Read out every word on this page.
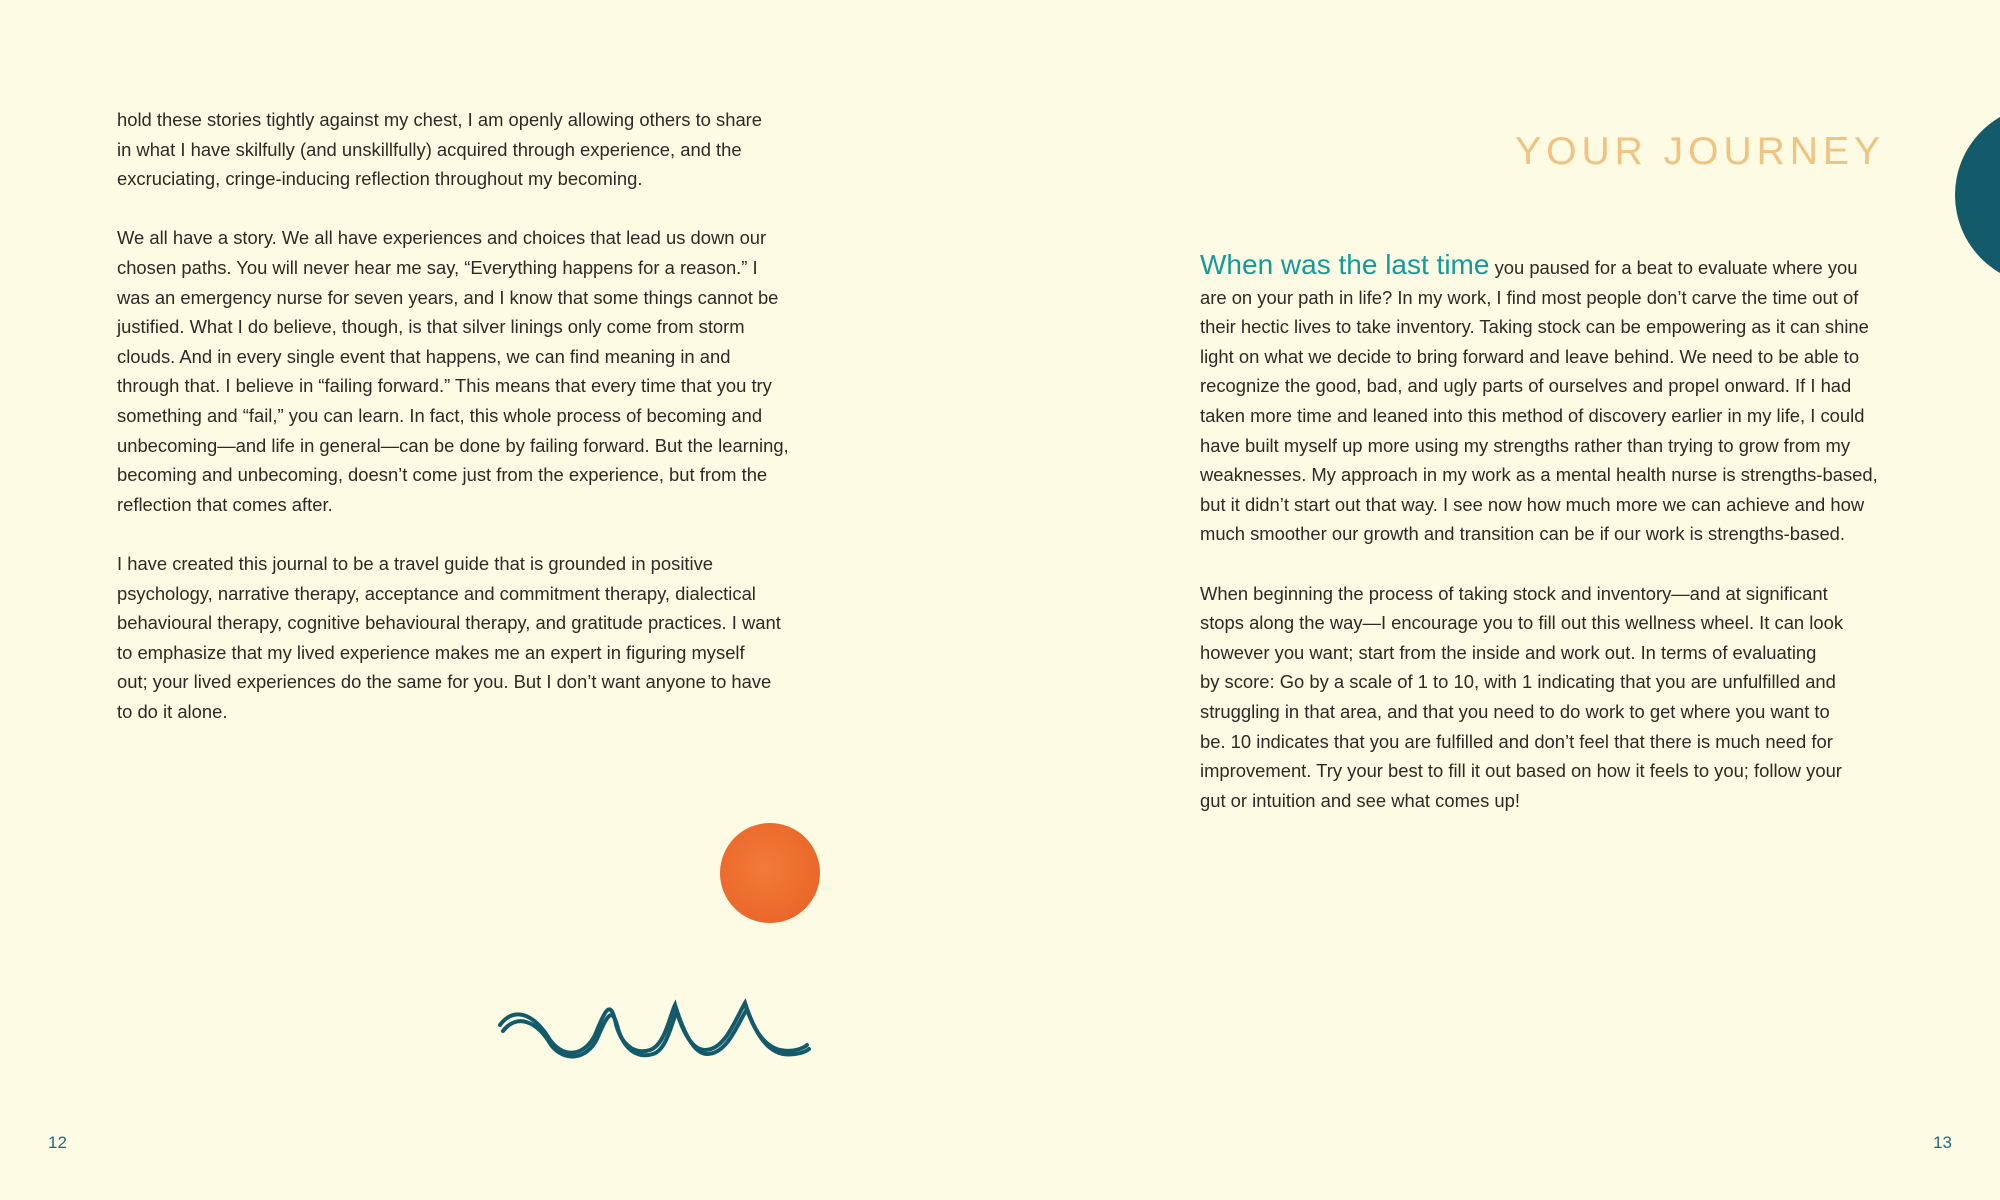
hold these stories tightly against my chest, I am openly allowing others to share
in what I have skilfully (and unskillfully) acquired through experience, and the
excruciating, cringe-inducing reflection throughout my becoming.

We all have a story. We all have experiences and choices that lead us down our
chosen paths. You will never hear me say, “Everything happens for a reason.” I
was an emergency nurse for seven years, and I know that some things cannot be
justified. What I do believe, though, is that silver linings only come from storm
clouds. And in every single event that happens, we can find meaning in and
through that. I believe in “failing forward.” This means that every time that you try
something and “fail,” you can learn. In fact, this whole process of becoming and
unbecoming—and life in general—can be done by failing forward. But the learning,
becoming and unbecoming, doesn’t come just from the experience, but from the
reflection that comes after.

I have created this journal to be a travel guide that is grounded in positive
psychology, narrative therapy, acceptance and commitment therapy, dialectical
behavioural therapy, cognitive behavioural therapy, and gratitude practices. I want
to emphasize that my lived experience makes me an expert in figuring myself
out; your lived experiences do the same for you. But I don’t want anyone to have
to do it alone.

12
YOUR JOURNEY

When was the last time you paused for a beat to evaluate where you
are on your path in life? In my work, I find most people don’t carve the time out of
their hectic lives to take inventory. Taking stock can be empowering as it can shine
light on what we decide to bring forward and leave behind. We need to be able to
recognize the good, bad, and ugly parts of ourselves and propel onward. If I had
taken more time and leaned into this method of discovery earlier in my life, I could
have built myself up more using my strengths rather than trying to grow from my
weaknesses. My approach in my work as a mental health nurse is strengths-based,
but it didn’t start out that way. I see now how much more we can achieve and how
much smoother our growth and transition can be if our work is strengths-based.

When beginning the process of taking stock and inventory—and at significant
stops along the way—I encourage you to fill out this wellness wheel. It can look
however you want; start from the inside and work out. In terms of evaluating
by score: Go by a scale of 1 to 10, with 1 indicating that you are unfulfilled and
struggling in that area, and that you need to do work to get where you want to
be. 10 indicates that you are fulfilled and don’t feel that there is much need for
improvement. Try your best to fill it out based on how it feels to you; follow your
gut or intuition and see what comes up!

13
